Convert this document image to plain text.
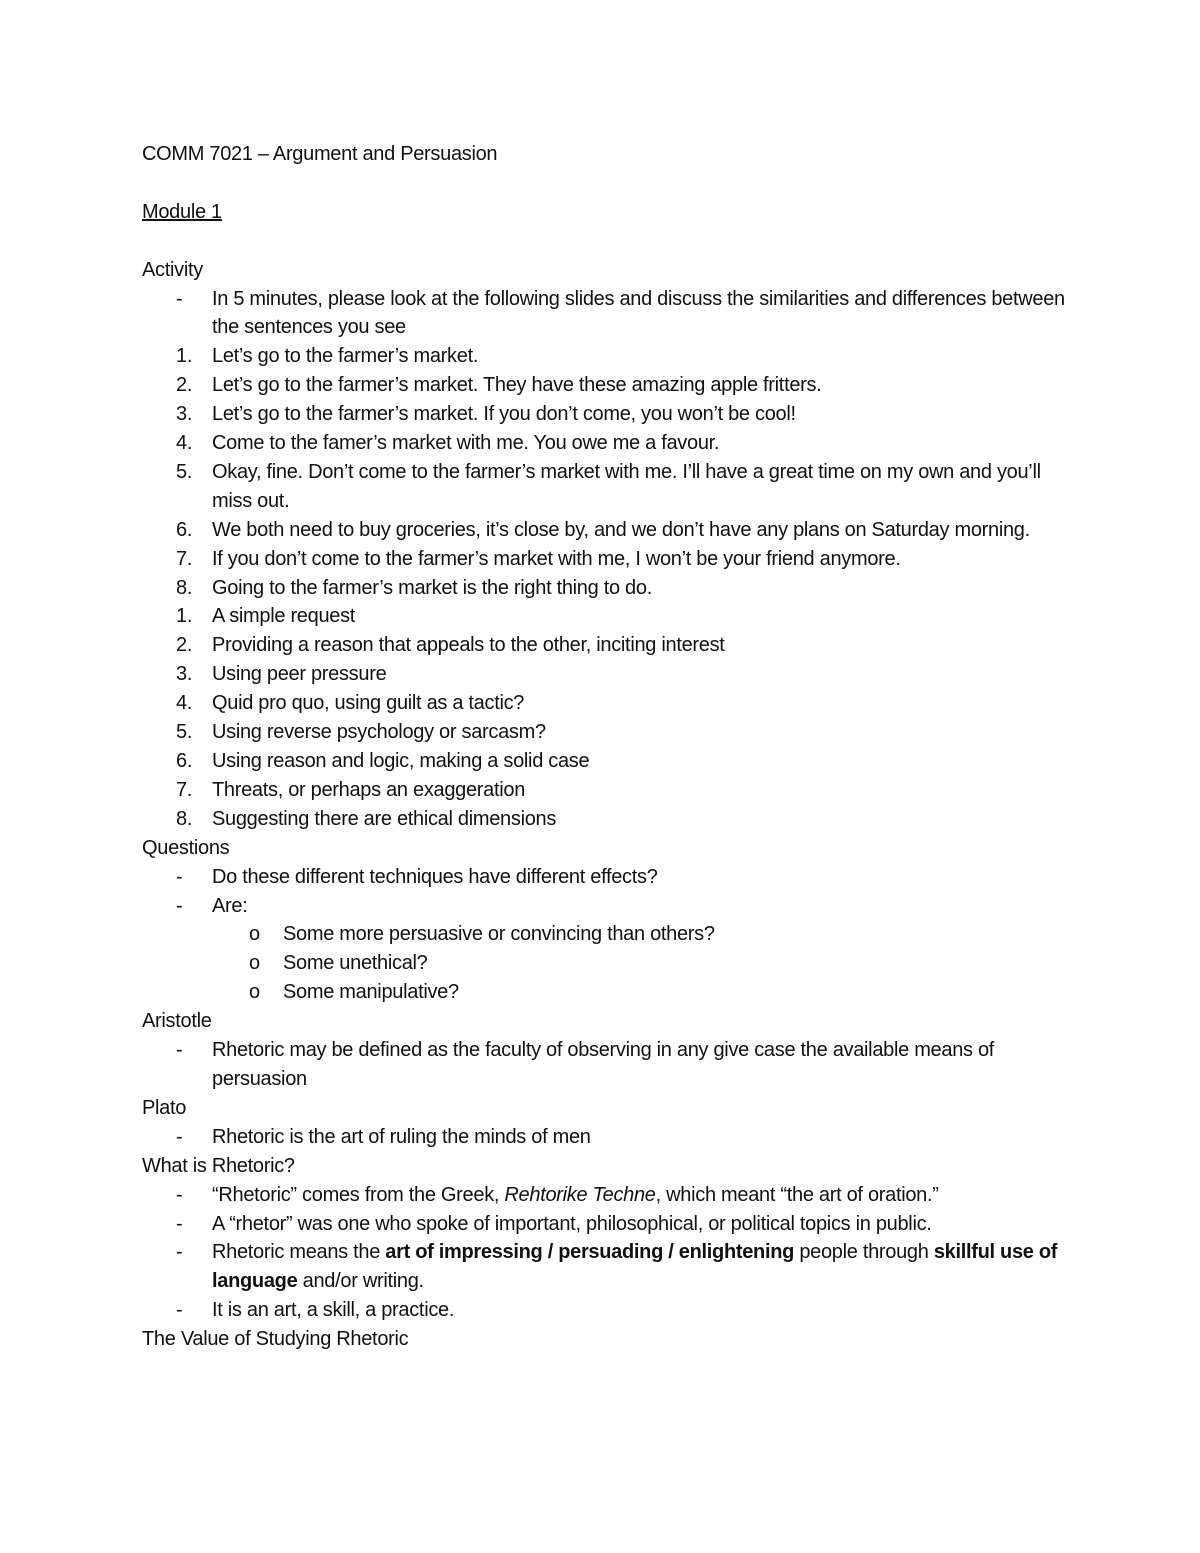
COMM 7021 – Argument and Persuasion

Module 1

Activity

-	In 5 minutes, please look at the following slides and discuss the similarities and differences between the sentences you see
1. Let’s go to the farmer’s market.
2. Let’s go to the farmer’s market. They have these amazing apple fritters.
3. Let’s go to the farmer’s market. If you don’t come, you won’t be cool!
4. Come to the famer’s market with me. You owe me a favour.
5. Okay, fine. Don’t come to the farmer’s market with me. I’ll have a great time on my own and you’ll miss out.
6. We both need to buy groceries, it’s close by, and we don’t have any plans on Saturday morning.
7. If you don’t come to the farmer’s market with me, I won’t be your friend anymore.
8. Going to the farmer’s market is the right thing to do.
1. A simple request
2. Providing a reason that appeals to the other, inciting interest
3. Using peer pressure
4. Quid pro quo, using guilt as a tactic?
5. Using reverse psychology or sarcasm?
6. Using reason and logic, making a solid case
7. Threats, or perhaps an exaggeration
8. Suggesting there are ethical dimensions

Questions

-	Do these different techniques have different effects?
-	Are:
o	Some more persuasive or convincing than others?
o	Some unethical?
o	Some manipulative?

Aristotle

-	Rhetoric may be defined as the faculty of observing in any give case the available means of persuasion

Plato

-	Rhetoric is the art of ruling the minds of men

What is Rhetoric?

-	“Rhetoric” comes from the Greek, Rehtorike Techne, which meant “the art of oration.”
-	A “rhetor” was one who spoke of important, philosophical, or political topics in public.
-	Rhetoric means the art of impressing / persuading / enlightening people through skillful use of language and/or writing.
-	It is an art, a skill, a practice.

The Value of Studying Rhetoric
